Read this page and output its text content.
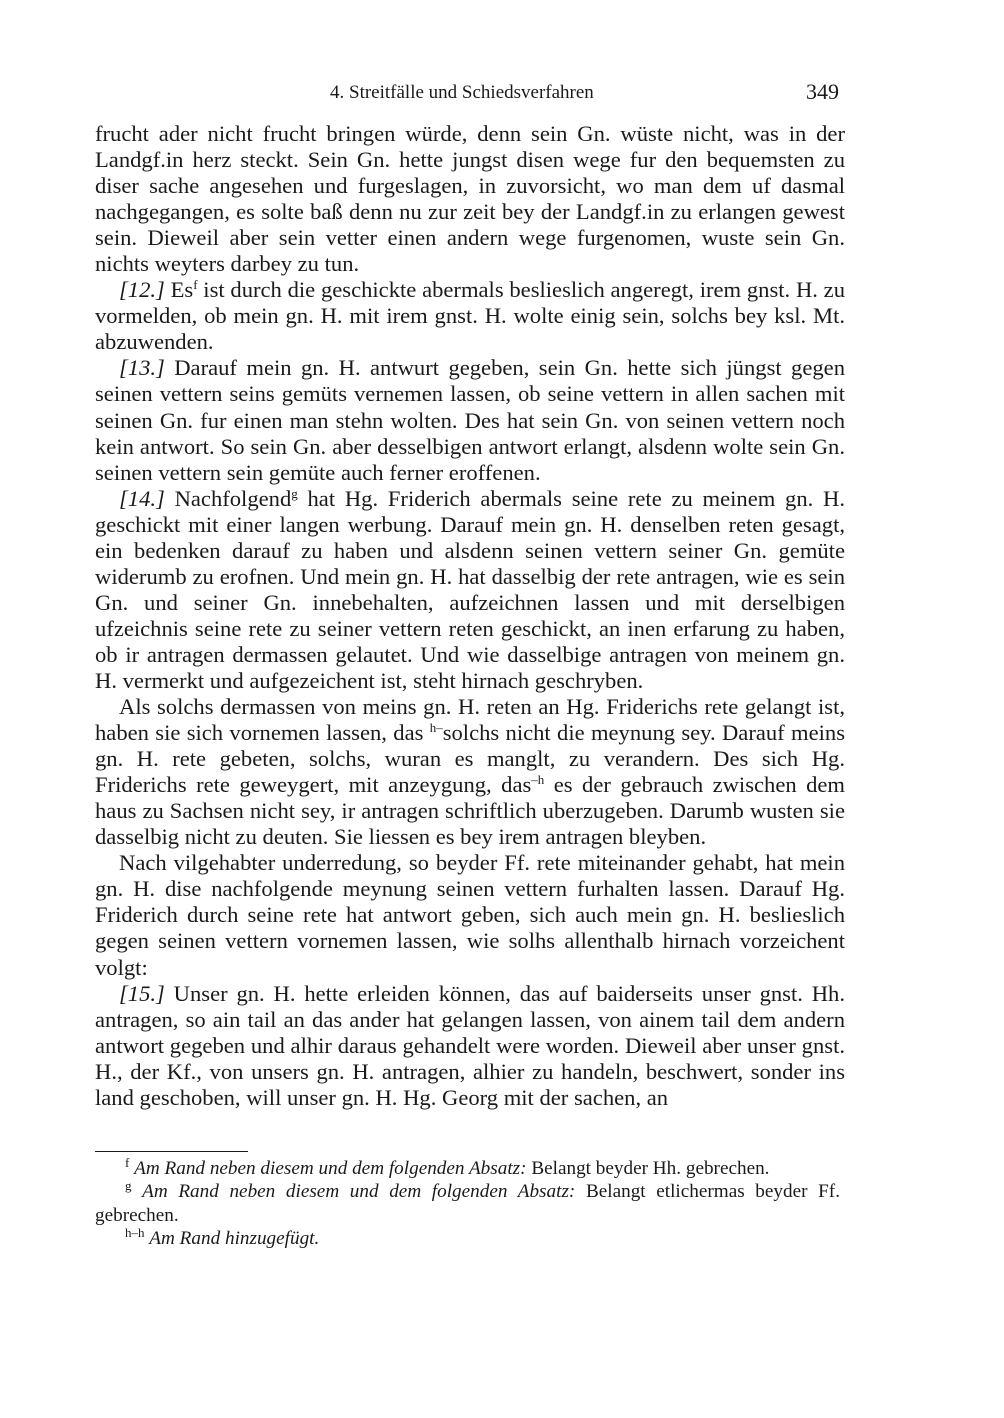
4. Streitfälle und Schiedsverfahren	349

frucht ader nicht frucht bringen würde, denn sein Gn. wüste nicht, was in der Landgf.in herz steckt. Sein Gn. hette jungst disen wege fur den bequemsten zu diser sache angesehen und furgeslagen, in zuvorsicht, wo man dem uf dasmal nachgegangen, es solte baß denn nu zur zeit bey der Landgf.in zu erlangen gewest sein. Dieweil aber sein vetter einen andern wege furgenomen, wuste sein Gn. nichts weyters darbey zu tun.

[12.] Es$^f$ ist durch die geschickte abermals beslieslich angeregt, irem gnst. H. zu vormelden, ob mein gn. H. mit irem gnst. H. wolte einig sein, solchs bey ksl. Mt. abzuwenden.

[13.] Darauf mein gn. H. antwurt gegeben, sein Gn. hette sich jüngst gegen seinen vettern seins gemüts vernemen lassen, ob seine vettern in allen sachen mit seinen Gn. fur einen man stehn wolten. Des hat sein Gn. von seinen vettern noch kein antwort. So sein Gn. aber desselbigen antwort erlangt, alsdenn wolte sein Gn. seinen vettern sein gemüte auch ferner eroffenen.

[14.] Nachfolgend$^g$ hat Hg. Friderich abermals seine rete zu meinem gn. H. geschickt mit einer langen werbung. Darauf mein gn. H. denselben reten gesagt, ein bedenken darauf zu haben und alsdenn seinen vettern seiner Gn. gemüte widerumb zu erofnen. Und mein gn. H. hat dasselbig der rete antragen, wie es sein Gn. und seiner Gn. innebehalten, aufzeichnen lassen und mit derselbigen ufzeichnis seine rete zu seiner vettern reten geschickt, an inen erfarung zu haben, ob ir antragen dermassen gelautet. Und wie dasselbige antragen von meinem gn. H. vermerkt und aufgezeichent ist, steht hirnach geschryben.

Als solchs dermassen von meins gn. H. reten an Hg. Friderichs rete gelangt ist, haben sie sich vornemen lassen, das $^{h-}$solchs nicht die meynung sey. Darauf meins gn. H. rete gebeten, solchs, wuran es manglt, zu verandern. Des sich Hg. Friderichs rete geweygert, mit anzeygung, das$^{-h}$ es der gebrauch zwischen dem haus zu Sachsen nicht sey, ir antragen schriftlich uberzugeben. Darumb wusten sie dasselbig nicht zu deuten. Sie liessen es bey irem antragen bleyben.

Nach vilgehabter underredung, so beyder Ff. rete miteinander gehabt, hat mein gn. H. dise nachfolgende meynung seinen vettern furhalten lassen. Darauf Hg. Friderich durch seine rete hat antwort geben, sich auch mein gn. H. beslieslich gegen seinen vettern vornemen lassen, wie solhs allenthalb hirnach vorzeichent volgt:

[15.] Unser gn. H. hette erleiden können, das auf baiderseits unser gnst. Hh. antragen, so ain tail an das ander hat gelangen lassen, von ainem tail dem andern antwort gegeben und alhir daraus gehandelt were worden. Dieweil aber unser gnst. H., der Kf., von unsers gn. H. antragen, alhier zu handeln, beschwert, sonder ins land geschoben, will unser gn. H. Hg. Georg mit der sachen, an

$^f$ Am Rand neben diesem und dem folgenden Absatz: Belangt beyder Hh. gebrechen.

$^g$ Am Rand neben diesem und dem folgenden Absatz: Belangt etlichermas beyder Ff. gebrechen.

$^{h-h}$ Am Rand hinzugefügt.
